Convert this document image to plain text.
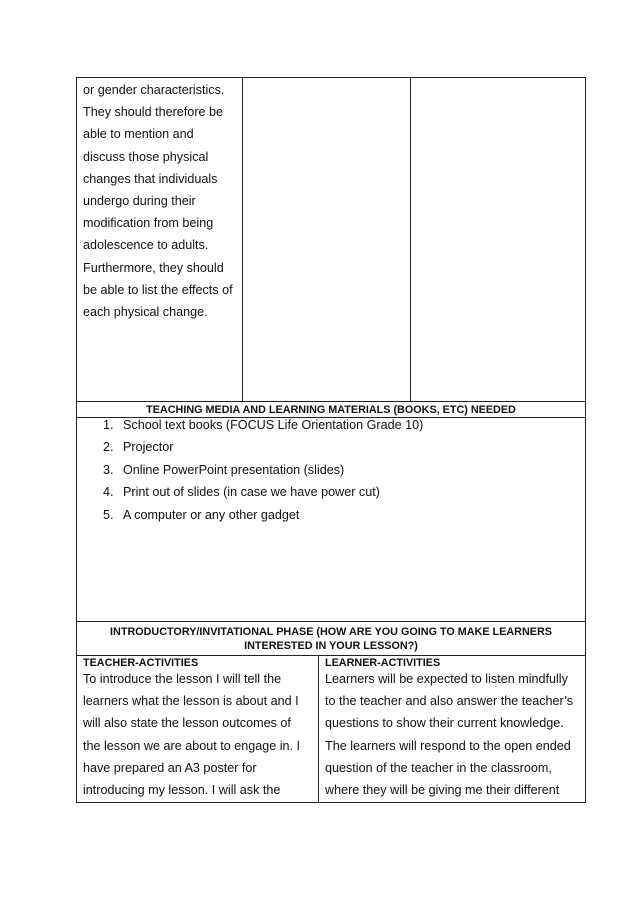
or gender characteristics.
They should therefore be
able to mention and
discuss those physical
changes that individuals
undergo during their
modification from being
adolescence to adults.
Furthermore, they should
be able to list the effects of
each physical change.
TEACHING MEDIA AND LEARNING MATERIALS (BOOKS, ETC) NEEDED
1. School text books (FOCUS Life Orientation Grade 10)
2. Projector
3. Online PowerPoint presentation (slides)
4. Print out of slides (in case we have power cut)
5. A computer or any other gadget
INTRODUCTORY/INVITATIONAL PHASE (HOW ARE YOU GOING TO MAKE LEARNERS
INTERESTED IN YOUR LESSON?)
TEACHER-ACTIVITIES	LEARNER-ACTIVITIES
To introduce the lesson I will tell the
learners what the lesson is about and I
will also state the lesson outcomes of
the lesson we are about to engage in. I
have prepared an A3 poster for
introducing my lesson. I will ask the
Learners will be expected to listen mindfully
to the teacher and also answer the teacher’s
questions to show their current knowledge.
The learners will respond to the open ended
question of the teacher in the classroom,
where they will be giving me their different
